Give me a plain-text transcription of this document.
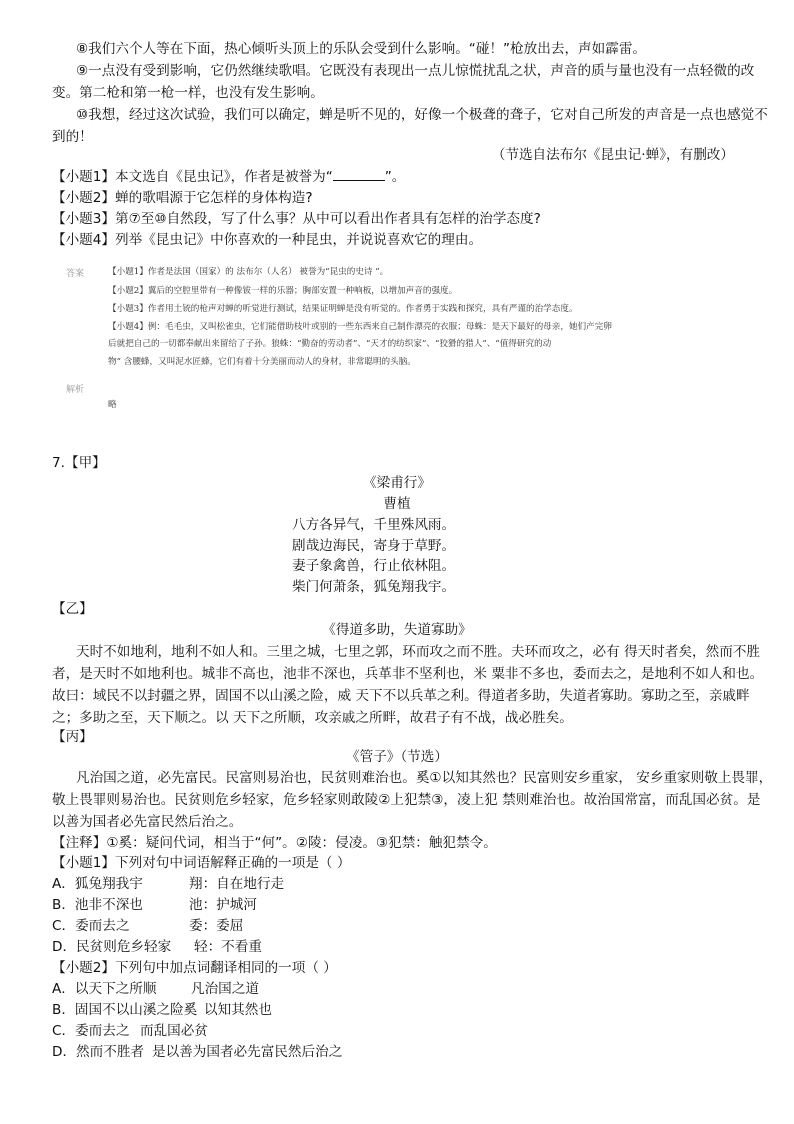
⑧我们六个人等在下面，热心倾听头顶上的乐队会受到什么影响。“碰！”枪放出去，声如霹雷。
⑨一点没有受到影响，它仍然继续歌唱。它既没有表现出一点儿惊慌扰乱之状，声音的质与量也没有一点轻微的改
变。第二枪和第一枪一样，也没有发生影响。
⑩我想，经过这次试验，我们可以确定，蝉是听不见的，好像一个极聋的聋子，它对自己所发的声音是一点也感觉不
到的！
（节选自法布尔《昆虫记·蝉》，有删改）
【小题1】本文选自《昆虫记》，作者是被誉为“	”。
【小题2】蝉的歌唱源于它怎样的身体构造?
【小题3】第⑦至⑩自然段，写了什么事？从中可以看出作者具有怎样的治学态度?
【小题4】列举《昆虫记》中你喜欢的一种昆虫，并说说喜欢它的理由。
答案	【小题1】作者是法国（国家）的 法布尔（人名） 被誉为“昆虫的史诗 ”。
【小题2】翼后的空腔里带有一种像钹一样的乐器；胸部安置一种响板，以增加声音的强度。
【小题3】作者用土铳的枪声对蝉的听觉进行测试，结果证明蝉是没有听觉的。作者勇于实践和探究，具有严谨的治学态度。
【小题4】例：毛毛虫，又叫松雀虫，它们能借助枝叶或别的一些东西来自己制作漂亮的衣服；母蛛：是天下最好的母亲，她们产完卵
后就把自己的一切都奉献出来留给了子孙。狼蛛：“勤奋的劳动者”、“天才的纺织家”、“狡猾的猎人”、“值得研究的动
物” 含腰蜂，又叫泥水匠蜂，它们有着十分美丽而动人的身材，非常聪明的头脑。
解析
略
7.【甲】
《梁甫行》
曹植
八方各异气，千里殊风雨。
剧哉边海民，寄身于草野。
妻子象禽兽，行止依林阻。
柴门何萧条，狐兔翔我宇。
【乙】
《得道多助，失道寡助》
天时不如地利，地利不如人和。三里之城，七里之郭，环而攻之而不胜。夫环而攻之，必有 得天时者矣，然而不胜
者，是天时不如地利也。城非不高也，池非不深也，兵革非不坚利也，米 粟非不多也，委而去之，是地利不如人和也。
故曰：域民不以封疆之界，固国不以山溪之险，威 天下不以兵革之利。得道者多助，失道者寡助。寡助之至，亲戚畔
之；多助之至，天下顺之。以 天下之所顺，攻亲戚之所畔，故君子有不战，战必胜矣。
【丙】
《管子》（节选）
凡治国之道，必先富民。民富则易治也，民贫则难治也。奚①以知其然也？民富则安乡重家， 安乡重家则敬上畏罪，
敬上畏罪则易治也。民贫则危乡轻家，危乡轻家则敢陵②上犯禁③，凌上犯 禁则难治也。故治国常富，而乱国必贫。是
以善为国者必先富民然后治之。
【注释】①奚：疑问代词，相当于“何”。②陵：侵凌。③犯禁：触犯禁令。
【小题1】下列对句中词语解释正确的一项是（ ）
A．狐兔翔我宇	翔：自在地行走
B．池非不深也	池：护城河
C．委而去之	委：委屈
D．民贫则危乡轻家 轻：不看重
【小题2】下列句中加点词翻译相同的一项（ ）
A．以天下之所顺	凡治国之道
B．固国不以山溪之险奚 以知其然也
C．委而去之 而乱国必贫
D．然而不胜者 是以善为国者必先富民然后治之
